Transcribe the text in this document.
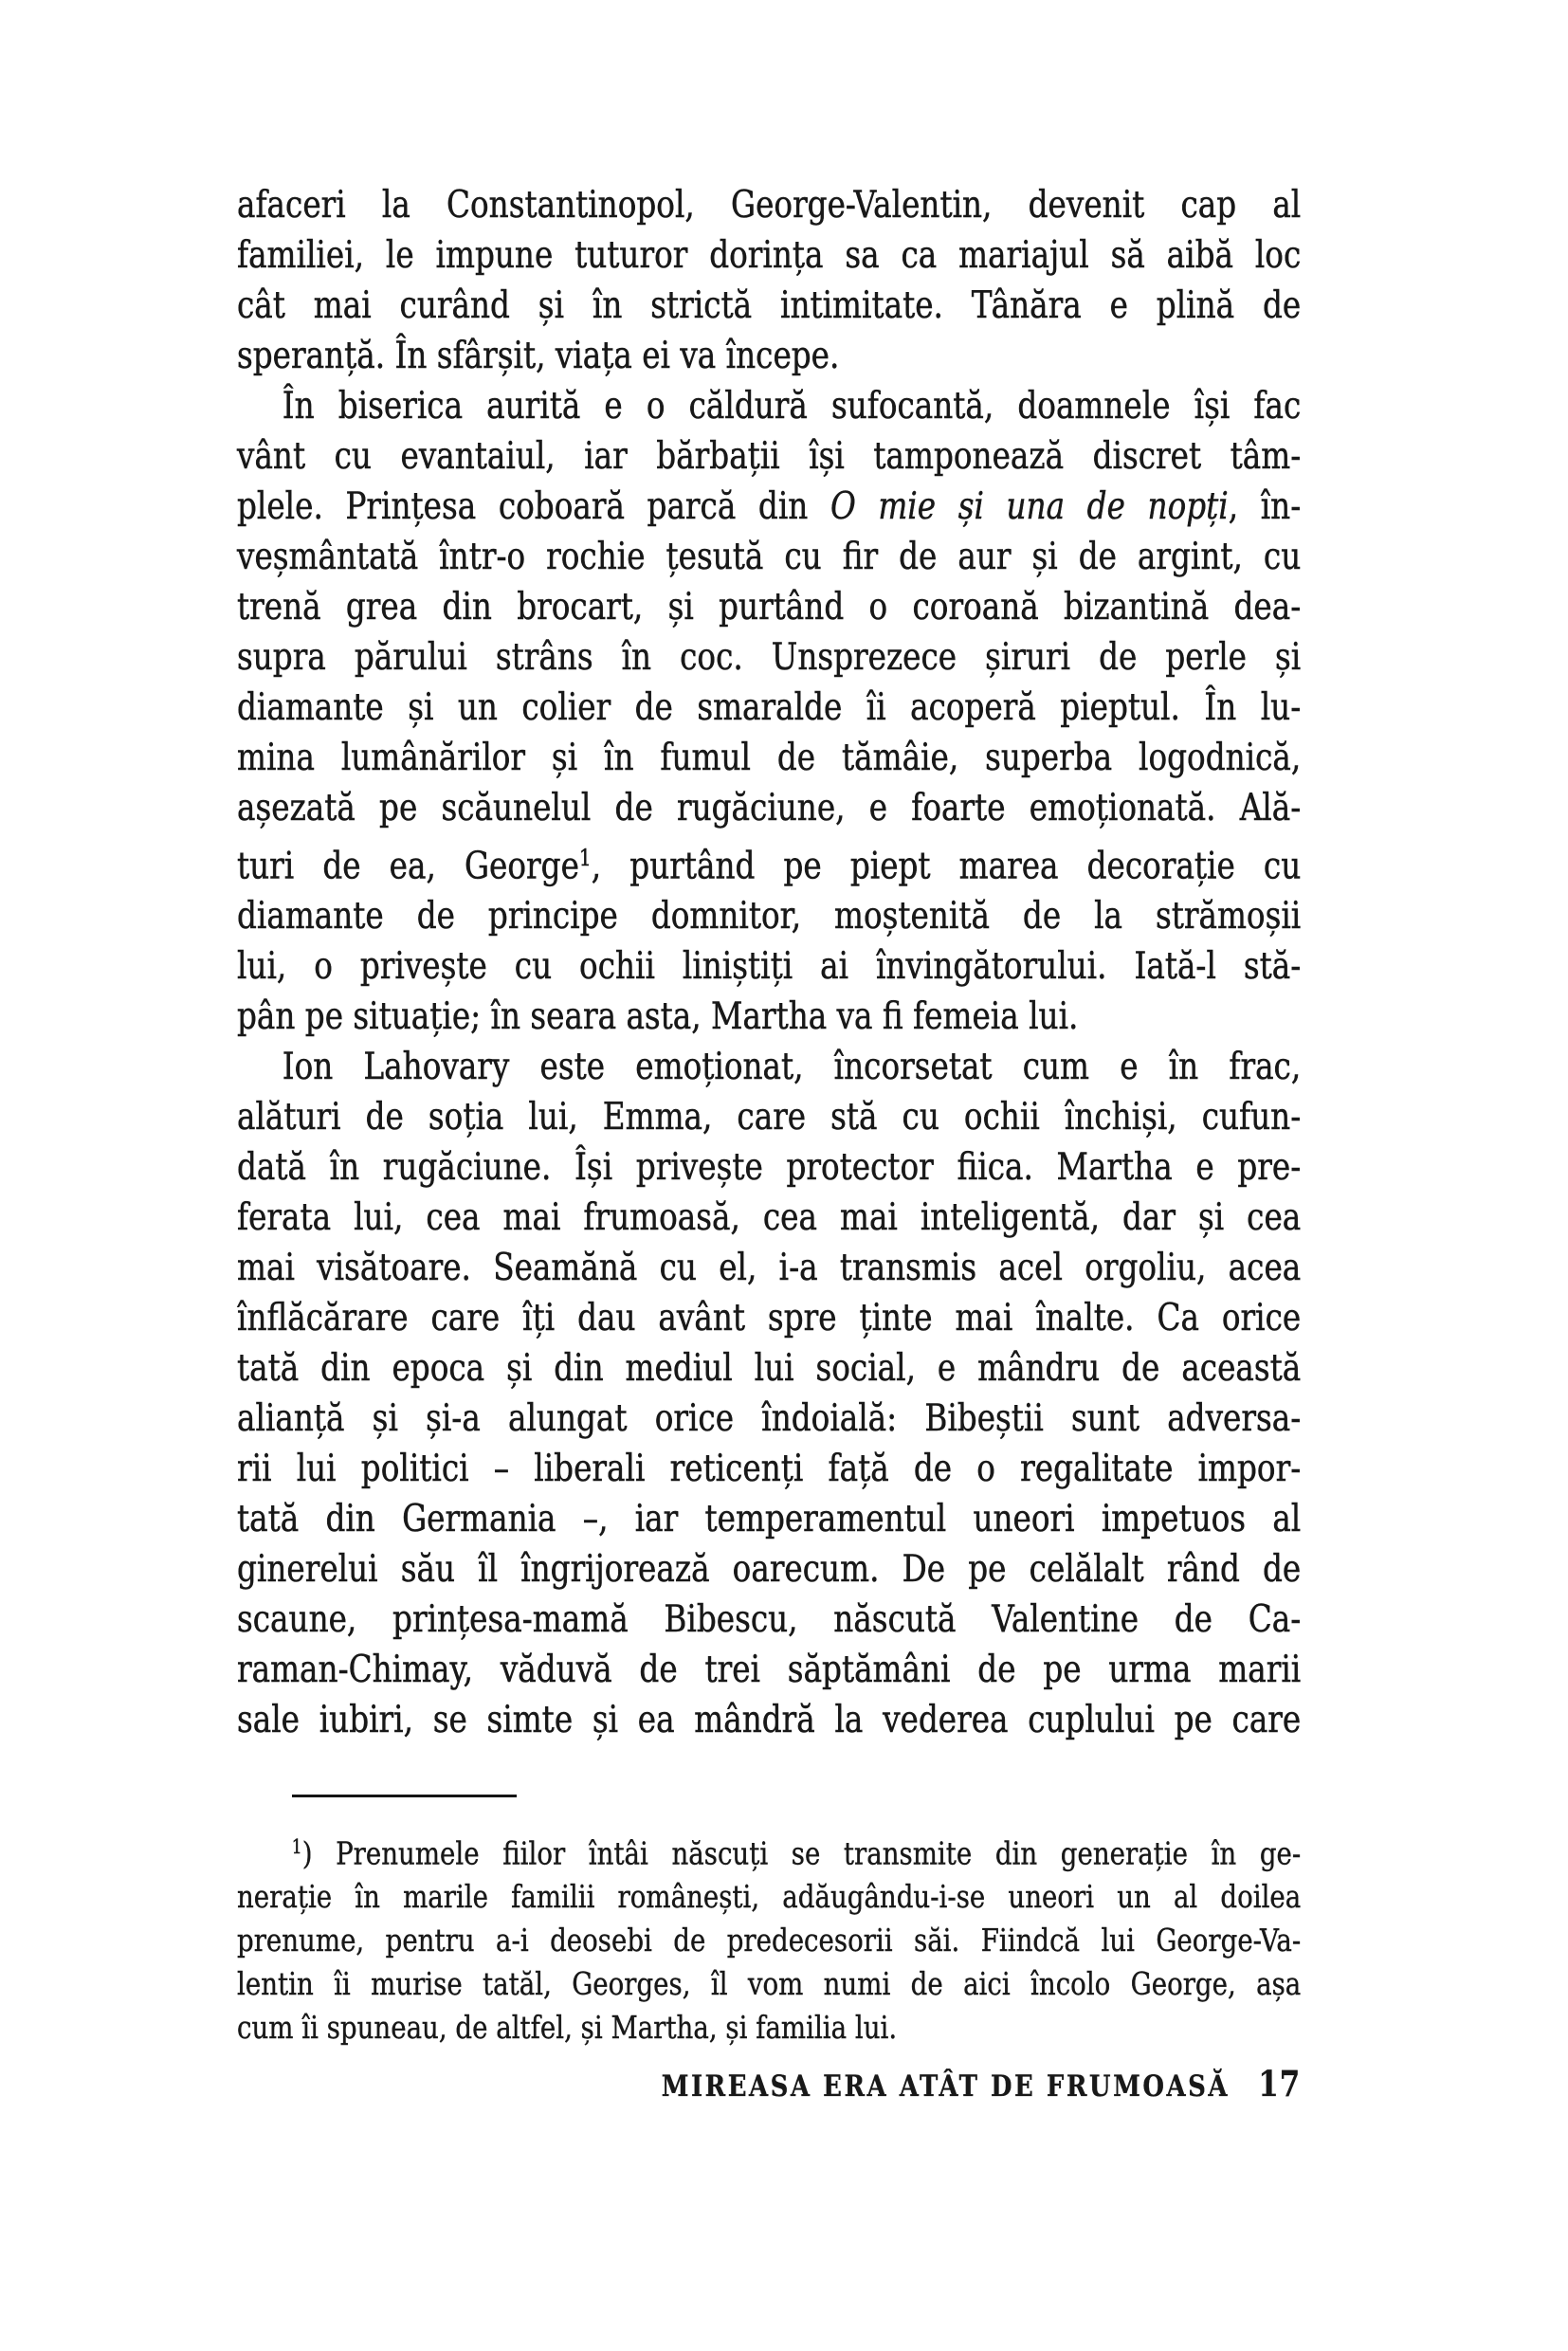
afaceri la Constantinopol, George-Valentin, devenit cap al
familiei, le impune tuturor dorința sa ca mariajul să aibă loc
cât mai curând și în strictă intimitate. Tânăra e plină de
speranță. În sfârșit, viața ei va începe.
În biserica aurită e o căldură sufocantă, doamnele își fac
vânt cu evantaiul, iar bărbații își tamponează discret tâm-
plele. Prințesa coboară parcă din O mie și una de nopți, în-
veșmântată într-o rochie țesută cu fir de aur și de argint, cu
trenă grea din brocart, și purtând o coroană bizantină dea-
supra părului strâns în coc. Unsprezece șiruri de perle și
diamante și un colier de smaralde îi acoperă pieptul. În lu-
mina lumânărilor și în fumul de tămâie, superba logodnică,
așezată pe scăunelul de rugăciune, e foarte emoționată. Ală-
turi de ea, George$^1$, purtând pe piept marea decorație cu
diamante de principe domnitor, moștenită de la strămoșii
lui, o privește cu ochii liniștiți ai învingătorului. Iată-l stă-
pân pe situație; în seara asta, Martha va fi femeia lui.
Ion Lahovary este emoționat, încorsetat cum e în frac,
alături de soția lui, Emma, care stă cu ochii închiși, cufun-
dată în rugăciune. Își privește protector fiica. Martha e pre-
ferata lui, cea mai frumoasă, cea mai inteligentă, dar și cea
mai visătoare. Seamănă cu el, i-a transmis acel orgoliu, acea
înflăcărare care îți dau avânt spre ținte mai înalte. Ca orice
tată din epoca și din mediul lui social, e mândru de această
alianță și și-a alungat orice îndoială: Bibeștii sunt adversa-
rii lui politici – liberali reticenți față de o regalitate impor-
tată din Germania –, iar temperamentul uneori impetuos al
ginerelui său îl îngrijorează oarecum. De pe celălalt rând de
scaune, prințesa-mamă Bibescu, născută Valentine de Ca-
raman-Chimay, văduvă de trei săptămâni de pe urma marii
sale iubiri, se simte și ea mândră la vederea cuplului pe care
$^1$) Prenumele fiilor întâi născuți se transmite din generație în ge-
nerație în marile familii românești, adăugându-i-se uneori un al doilea
prenume, pentru a-i deosebi de predecesorii săi. Fiindcă lui George-Va-
lentin îi murise tatăl, Georges, îl vom numi de aici încolo George, așa
cum îi spuneau, de altfel, și Martha, și familia lui.
MIREASA ERA ATÂT DE FRUMOASĂ 17
